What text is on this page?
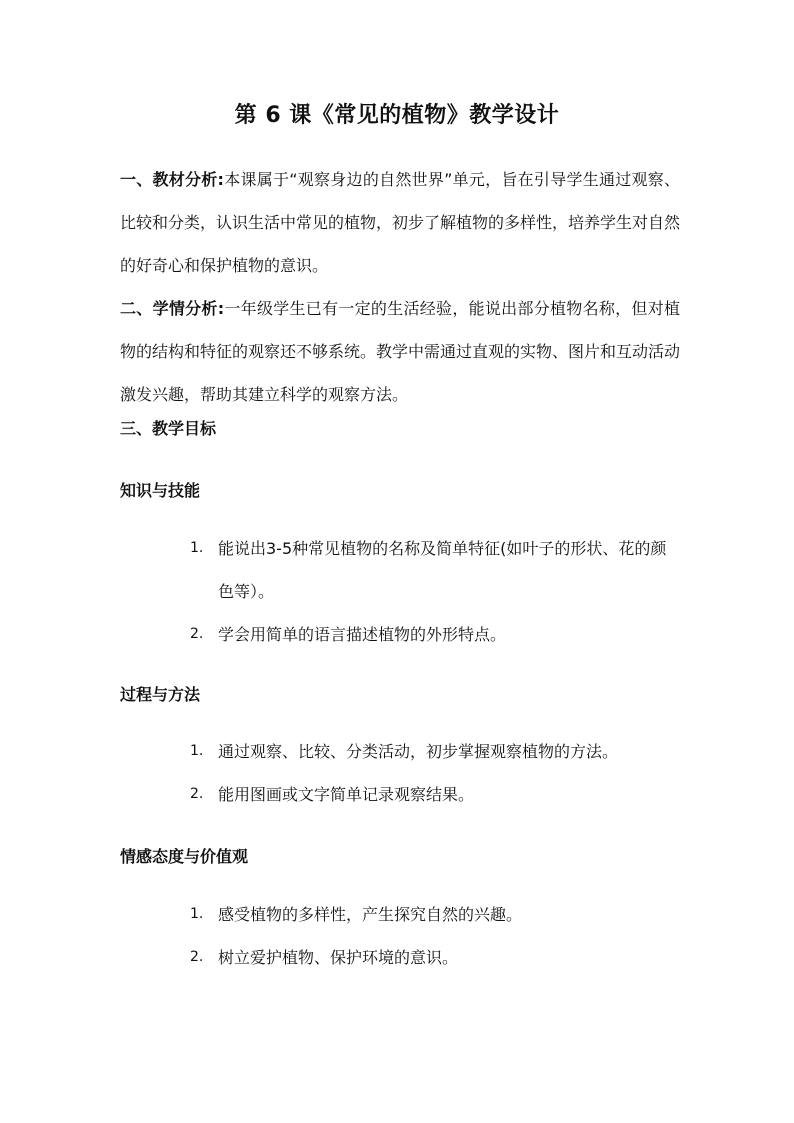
第 6 课《常见的植物》教学设计
一、教材分析:本课属于“观察身边的自然世界”单元，旨在引导学生通过观察、比较和分类，认识生活中常见的植物，初步了解植物的多样性，培养学生对自然的好奇心和保护植物的意识。
二、学情分析:一年级学生已有一定的生活经验，能说出部分植物名称，但对植物的结构和特征的观察还不够系统。教学中需通过直观的实物、图片和互动活动激发兴趣，帮助其建立科学的观察方法。
三、教学目标
知识与技能
1. 能说出3-5种常见植物的名称及简单特征(如叶子的形状、花的颜色等）。
2. 学会用简单的语言描述植物的外形特点。
过程与方法
1. 通过观察、比较、分类活动，初步掌握观察植物的方法。
2. 能用图画或文字简单记录观察结果。
情感态度与价值观
1. 感受植物的多样性，产生探究自然的兴趣。
2. 树立爱护植物、保护环境的意识。
